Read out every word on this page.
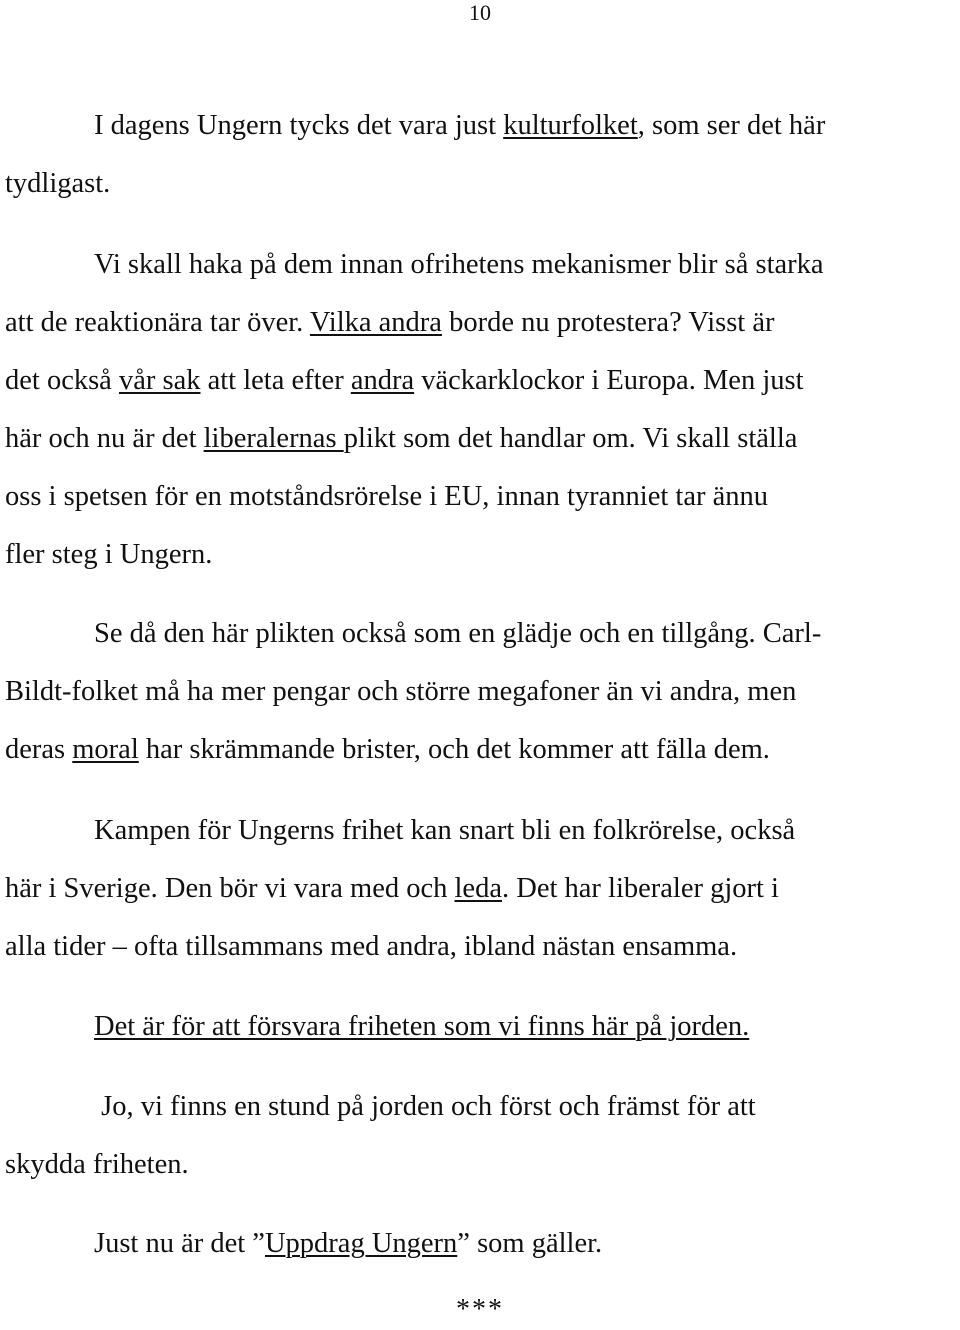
10
I dagens Ungern tycks det vara just kulturfolket, som ser det här
tydligast.
Vi skall haka på dem innan ofrihetens mekanismer blir så starka
att de reaktionära tar över. Vilka andra borde nu protestera? Visst är
det också vår sak att leta efter andra väckarklockor i Europa. Men just
här och nu är det liberalernas plikt som det handlar om. Vi skall ställa
oss i spetsen för en motståndsrörelse i EU, innan tyranniet tar ännu
fler steg i Ungern.
Se då den här plikten också som en glädje och en tillgång. Carl-
Bildt-folket må ha mer pengar och större megafoner än vi andra, men
deras moral har skrämmande brister, och det kommer att fälla dem.
Kampen för Ungerns frihet kan snart bli en folkrörelse, också
här i Sverige. Den bör vi vara med och leda. Det har liberaler gjort i
alla tider – ofta tillsammans med andra, ibland nästan ensamma.
Det är för att försvara friheten som vi finns här på jorden.
Jo, vi finns en stund på jorden och först och främst för att
skydda friheten.
Just nu är det ”Uppdrag Ungern” som gäller.
***
